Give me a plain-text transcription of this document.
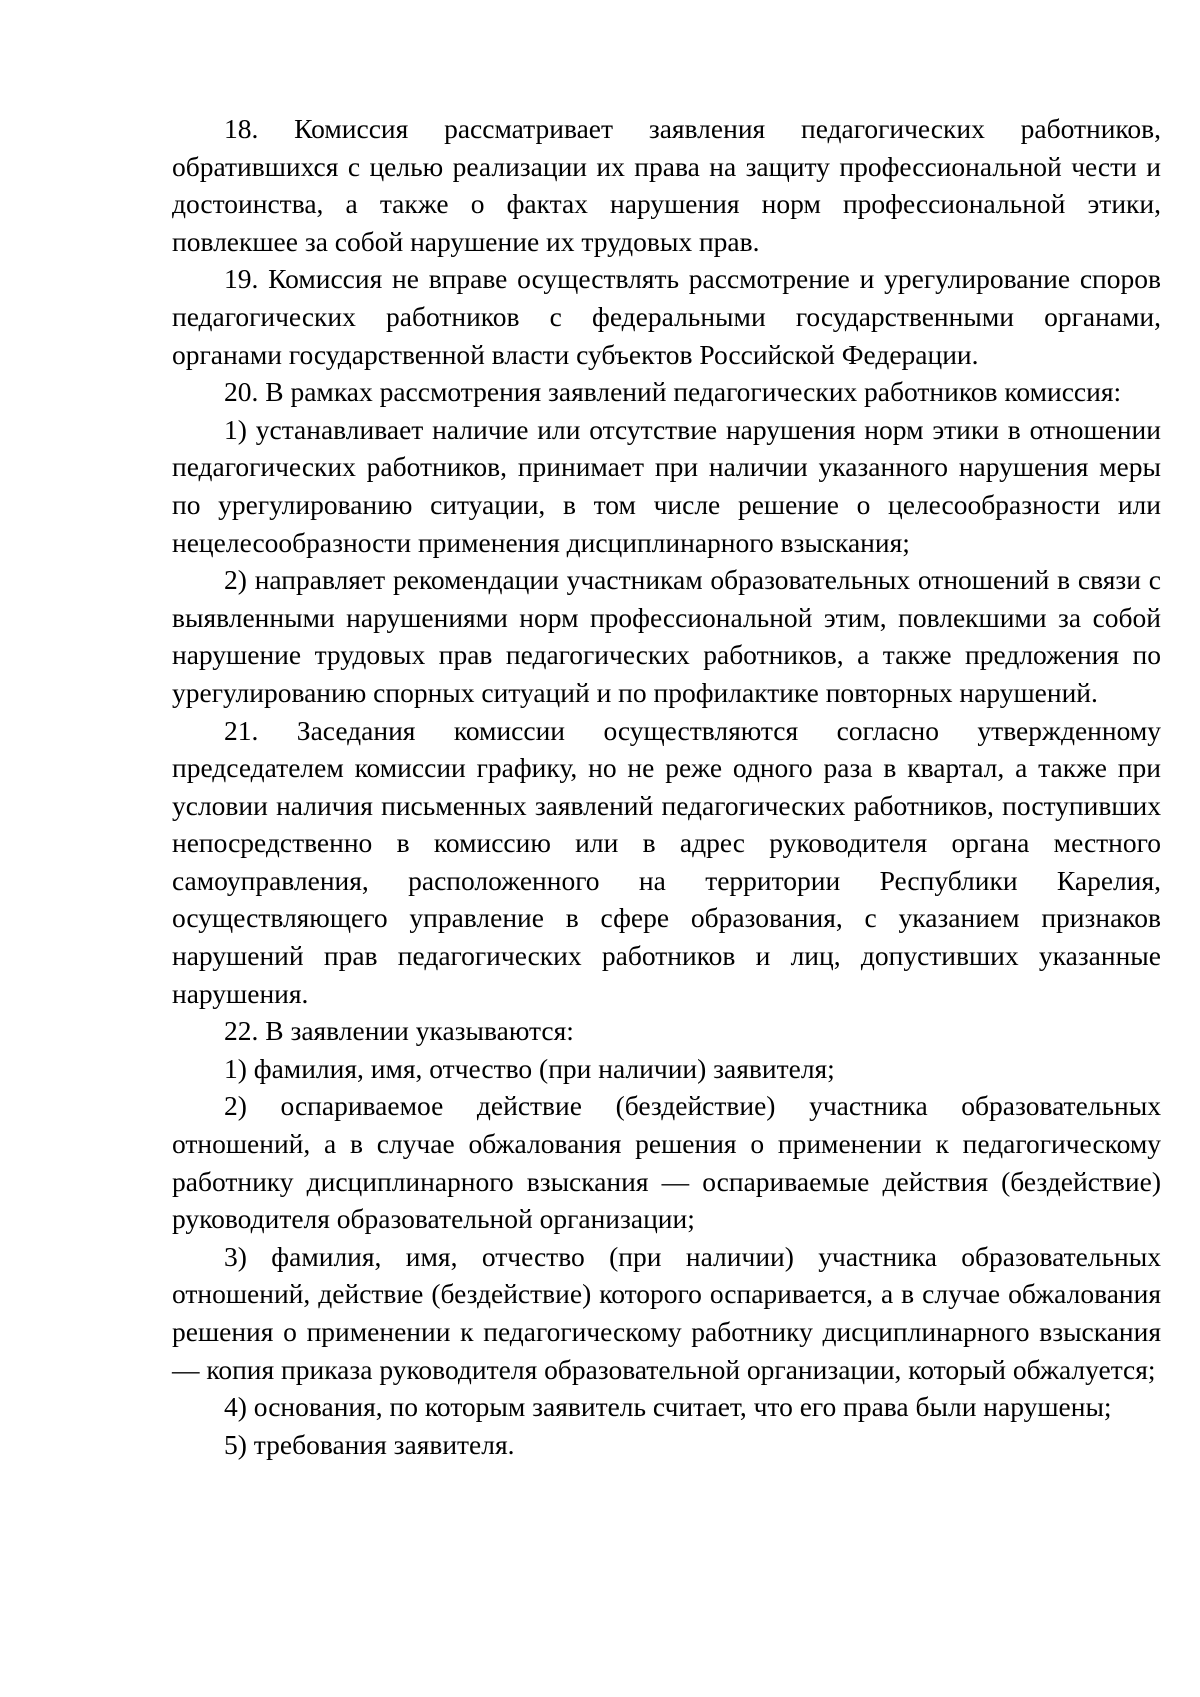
18. Комиссия рассматривает заявления педагогических работников, обратившихся с целью реализации их права на защиту профессиональной чести и достоинства, а также о фактах нарушения норм профессиональной этики, повлекшее за собой нарушение их трудовых прав.

19. Комиссия не вправе осуществлять рассмотрение и урегулирование споров педагогических работников с федеральными государственными органами, органами государственной власти субъектов Российской Федерации.

20. В рамках рассмотрения заявлений педагогических работников комиссия:

1) устанавливает наличие или отсутствие нарушения норм этики в отношении педагогических работников, принимает при наличии указанного нарушения меры по урегулированию ситуации, в том числе решение о целесообразности или нецелесообразности применения дисциплинарного взыскания;

2) направляет рекомендации участникам образовательных отношений в связи с выявленными нарушениями норм профессиональной этим, повлекшими за собой нарушение трудовых прав педагогических работников, а также предложения по урегулированию спорных ситуаций и по профилактике повторных нарушений.

21. Заседания комиссии осуществляются согласно утвержденному председателем комиссии графику, но не реже одного раза в квартал, а также при условии наличия письменных заявлений педагогических работников, поступивших непосредственно в комиссию или в адрес руководителя органа местного самоуправления, расположенного на территории Республики Карелия, осуществляющего управление в сфере образования, с указанием признаков нарушений прав педагогических работников и лиц, допустивших указанные нарушения.

22. В заявлении указываются:

1) фамилия, имя, отчество (при наличии) заявителя;

2) оспариваемое действие (бездействие) участника образовательных отношений, а в случае обжалования решения о применении к педагогическому работнику дисциплинарного взыскания — оспариваемые действия (бездействие) руководителя образовательной организации;

3) фамилия, имя, отчество (при наличии) участника образовательных отношений, действие (бездействие) которого оспаривается, а в случае обжалования решения о применении к педагогическому работнику дисциплинарного взыскания — копия приказа руководителя образовательной организации, который обжалуется;

4) основания, по которым заявитель считает, что его права были нарушены;

5) требования заявителя.
